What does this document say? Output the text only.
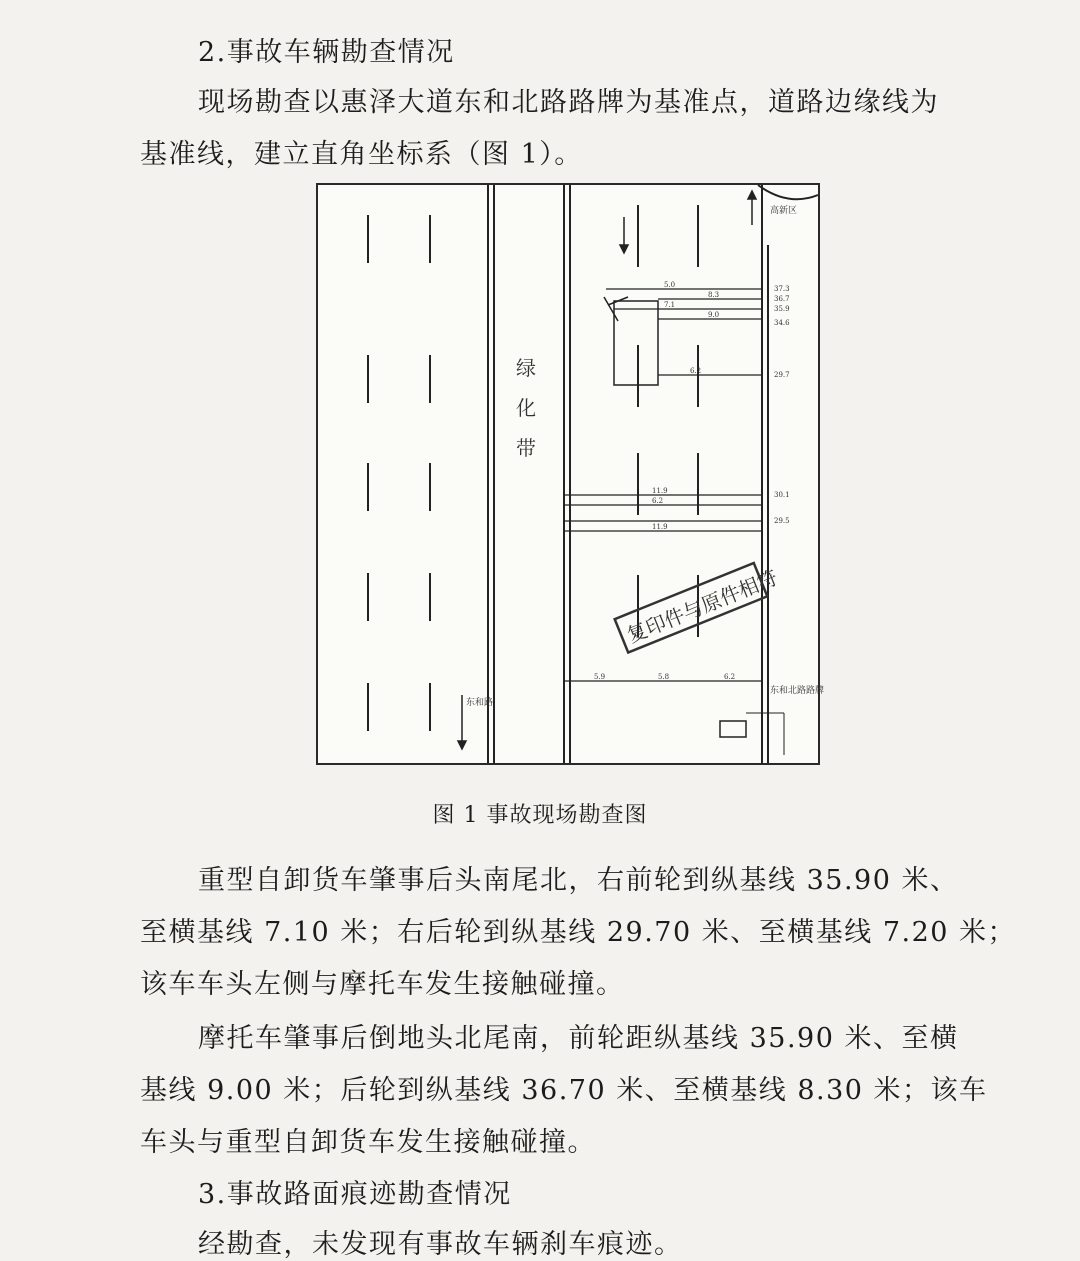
2.事故车辆勘查情况
现场勘查以惠泽大道东和北路路牌为基准点，道路边缘线为
基准线，建立直角坐标系（图 1）。
绿
化
带
高新区
东和路
东和北路路牌
37.3
36.7
35.9
34.6
5.0
8.3
7.1
9.0
29.7
6.2
11.9
6.2
11.9
30.1
29.5
5.9	5.8	6.2
复印件与原件相符
图 1 事故现场勘查图
重型自卸货车肇事后头南尾北，右前轮到纵基线 35.90 米、
至横基线 7.10 米；右后轮到纵基线 29.70 米、至横基线 7.20 米；
该车车头左侧与摩托车发生接触碰撞。
摩托车肇事后倒地头北尾南，前轮距纵基线 35.90 米、至横
基线 9.00 米；后轮到纵基线 36.70 米、至横基线 8.30 米；该车
车头与重型自卸货车发生接触碰撞。
3.事故路面痕迹勘查情况
经勘查，未发现有事故车辆刹车痕迹。
